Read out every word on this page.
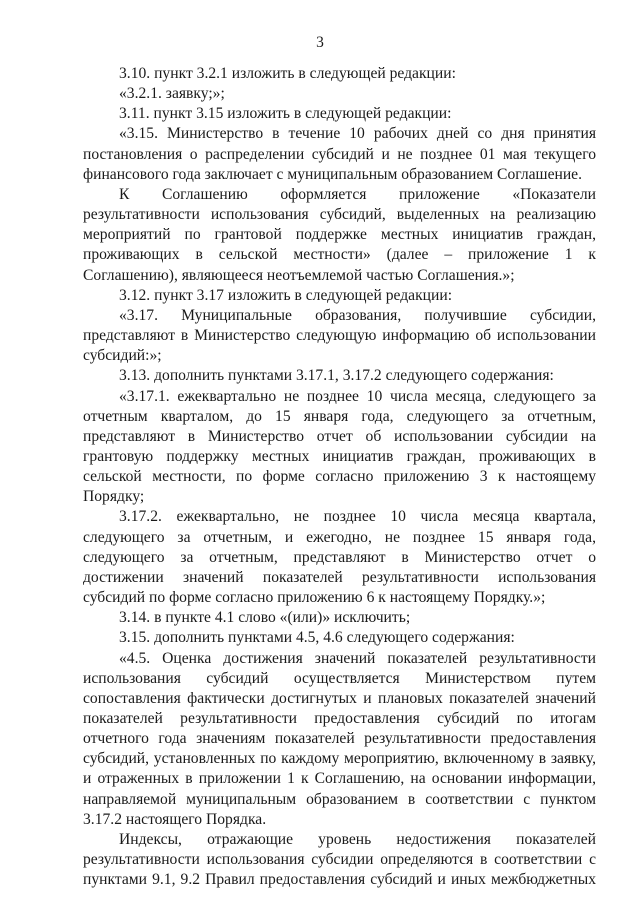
3

3.10. пункт 3.2.1 изложить в следующей редакции:

«3.2.1. заявку;»;

3.11. пункт 3.15 изложить в следующей редакции:

«3.15. Министерство в течение 10 рабочих дней со дня принятия постановления о распределении субсидий и не позднее 01 мая текущего финансового года заключает с муниципальным образованием Соглашение.

К Соглашению оформляется приложение «Показатели результативности использования субсидий, выделенных на реализацию мероприятий по грантовой поддержке местных инициатив граждан, проживающих в сельской местности» (далее – приложение 1 к Соглашению), являющееся неотъемлемой частью Соглашения.»;

3.12. пункт 3.17 изложить в следующей редакции:

«3.17. Муниципальные образования, получившие субсидии, представляют в Министерство следующую информацию об использовании субсидий:»;

3.13. дополнить пунктами 3.17.1, 3.17.2 следующего содержания:

«3.17.1. ежеквартально не позднее 10 числа месяца, следующего за отчетным кварталом, до 15 января года, следующего за отчетным, представляют в Министерство отчет об использовании субсидии на грантовую поддержку местных инициатив граждан, проживающих в сельской местности, по форме согласно приложению 3 к настоящему Порядку;

3.17.2. ежеквартально, не позднее 10 числа месяца квартала, следующего за отчетным, и ежегодно, не позднее 15 января года, следующего за отчетным, представляют в Министерство отчет о достижении значений показателей результативности использования субсидий по форме согласно приложению 6 к настоящему Порядку.»;

3.14. в пункте 4.1 слово «(или)» исключить;

3.15. дополнить пунктами 4.5, 4.6 следующего содержания:

«4.5. Оценка достижения значений показателей результативности использования субсидий осуществляется Министерством путем сопоставления фактически достигнутых и плановых показателей значений показателей результативности предоставления субсидий по итогам отчетного года значениям показателей результативности предоставления субсидий, установленных по каждому мероприятию, включенному в заявку, и отраженных в приложении 1 к Соглашению, на основании информации, направляемой муниципальным образованием в соответствии с пунктом 3.17.2 настоящего Порядка.

Индексы, отражающие уровень недостижения показателей результативности использования субсидии определяются в соответствии с пунктами 9.1, 9.2 Правил предоставления субсидий и иных межбюджетных
